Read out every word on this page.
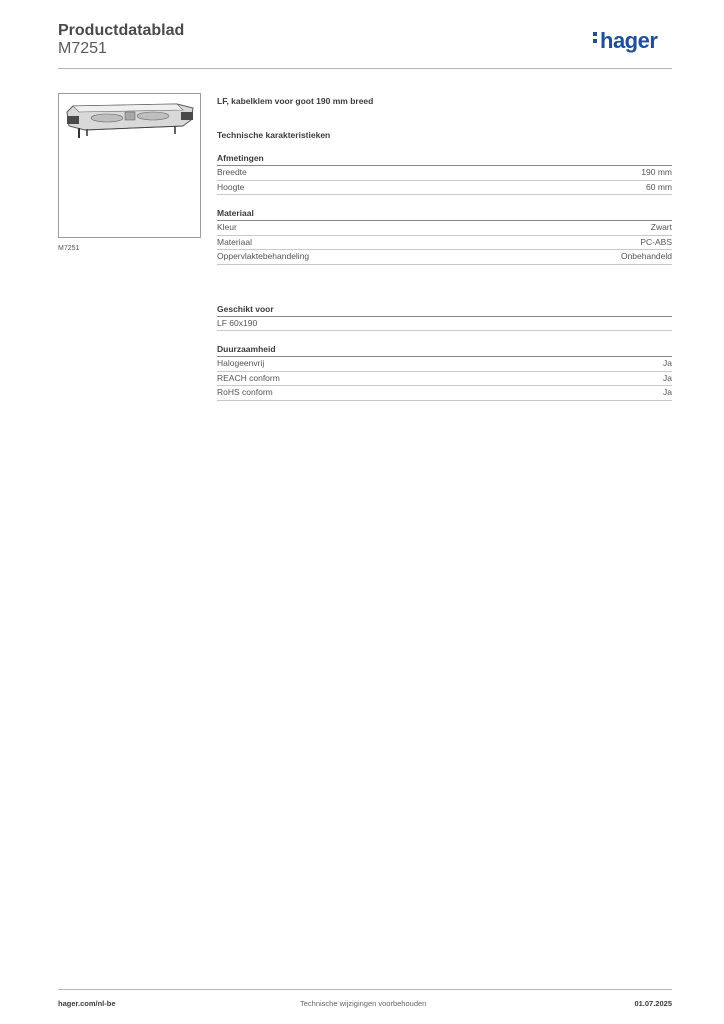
Productdatablad
M7251	hager
M7251
LF, kabelklem voor goot 190 mm breed
Technische karakteristieken
Afmetingen
Breedte	190 mm
Hoogte	60 mm
Materiaal
Kleur	Zwart
Materiaal	PC-ABS
Oppervlaktebehandeling	Onbehandeld
Geschikt voor
LF 60x190
Duurzaamheid
Halogeenvrij	Ja
REACH conform	Ja
RoHS conform	Ja
hager.com/nl-be	Technische wijzigingen voorbehouden	01.07.2025
